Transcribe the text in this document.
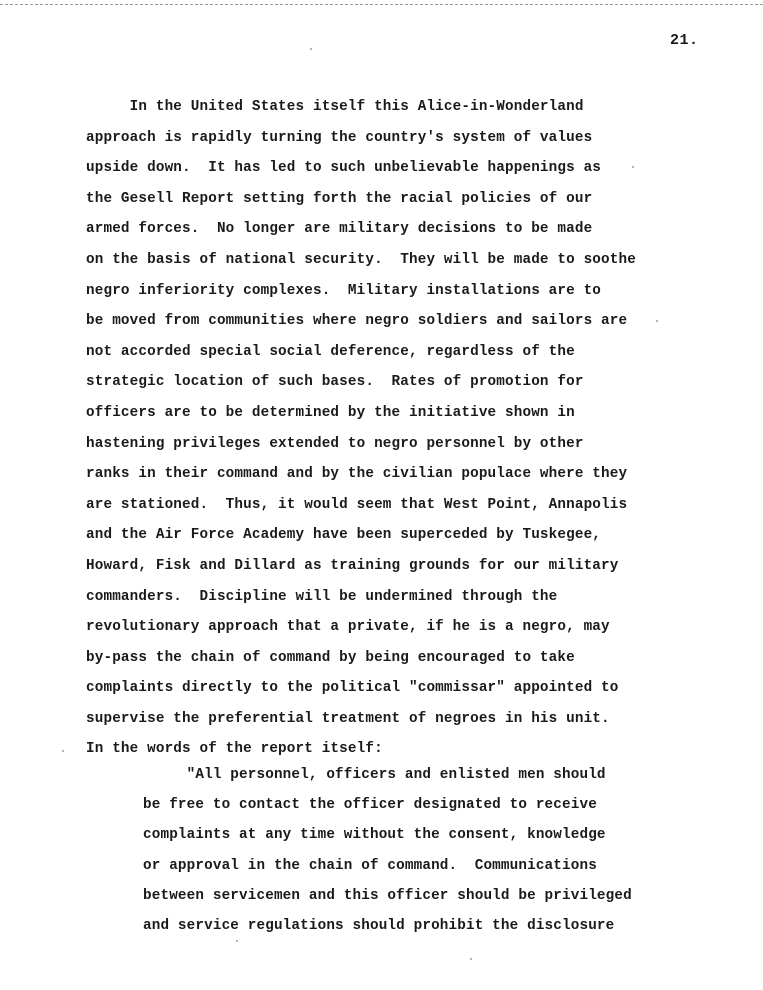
21.
In the United States itself this Alice-in-Wonderland
approach is rapidly turning the country's system of values
upside down.  It has led to such unbelievable happenings as
the Gesell Report setting forth the racial policies of our
armed forces.  No longer are military decisions to be made
on the basis of national security.  They will be made to soothe
negro inferiority complexes.  Military installations are to
be moved from communities where negro soldiers and sailors are
not accorded special social deference, regardless of the
strategic location of such bases.  Rates of promotion for
officers are to be determined by the initiative shown in
hastening privileges extended to negro personnel by other
ranks in their command and by the civilian populace where they
are stationed.  Thus, it would seem that West Point, Annapolis
and the Air Force Academy have been superceded by Tuskegee,
Howard, Fisk and Dillard as training grounds for our military
commanders.  Discipline will be undermined through the
revolutionary approach that a private, if he is a negro, may
by-pass the chain of command by being encouraged to take
complaints directly to the political "commissar" appointed to
supervise the preferential treatment of negroes in his unit.
In the words of the report itself:
"All personnel, officers and enlisted men should
be free to contact the officer designated to receive
complaints at any time without the consent, knowledge
or approval in the chain of command.  Communications
between servicemen and this officer should be privileged
and service regulations should prohibit the disclosure
